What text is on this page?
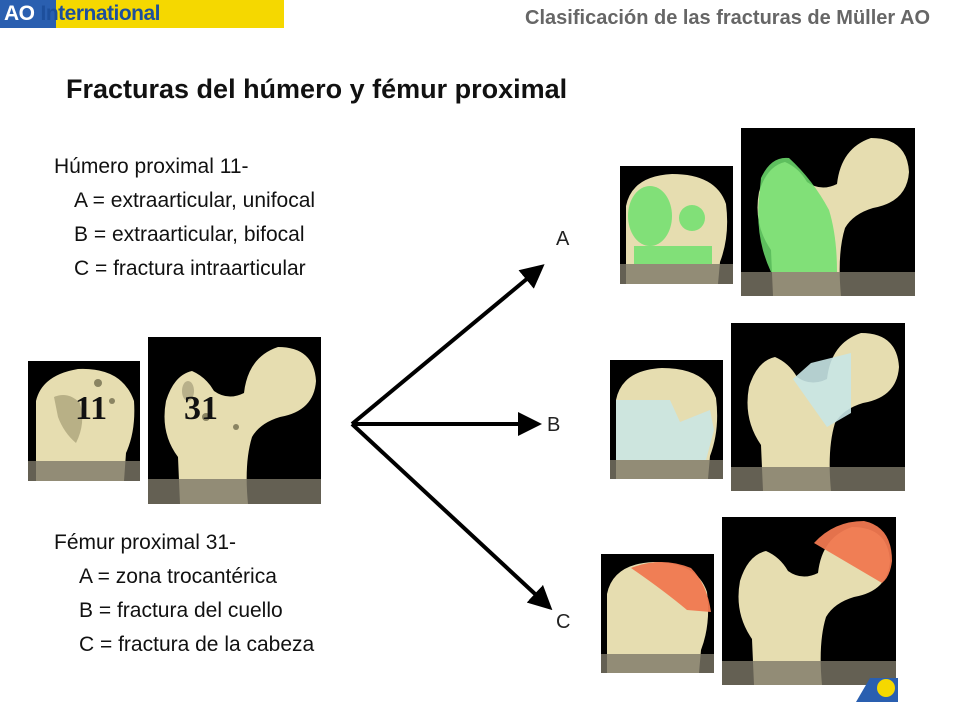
AO International	Clasificación de las fracturas de Müller AO
Fracturas del húmero y fémur proximal
Húmero proximal 11-
A = extraarticular, unifocal
B = extraarticular, bifocal
C = fractura intraarticular
Fémur proximal 31-
A = zona trocantérica
B = fractura del cuello
C = fractura de la cabeza
11 31
A
B
C
